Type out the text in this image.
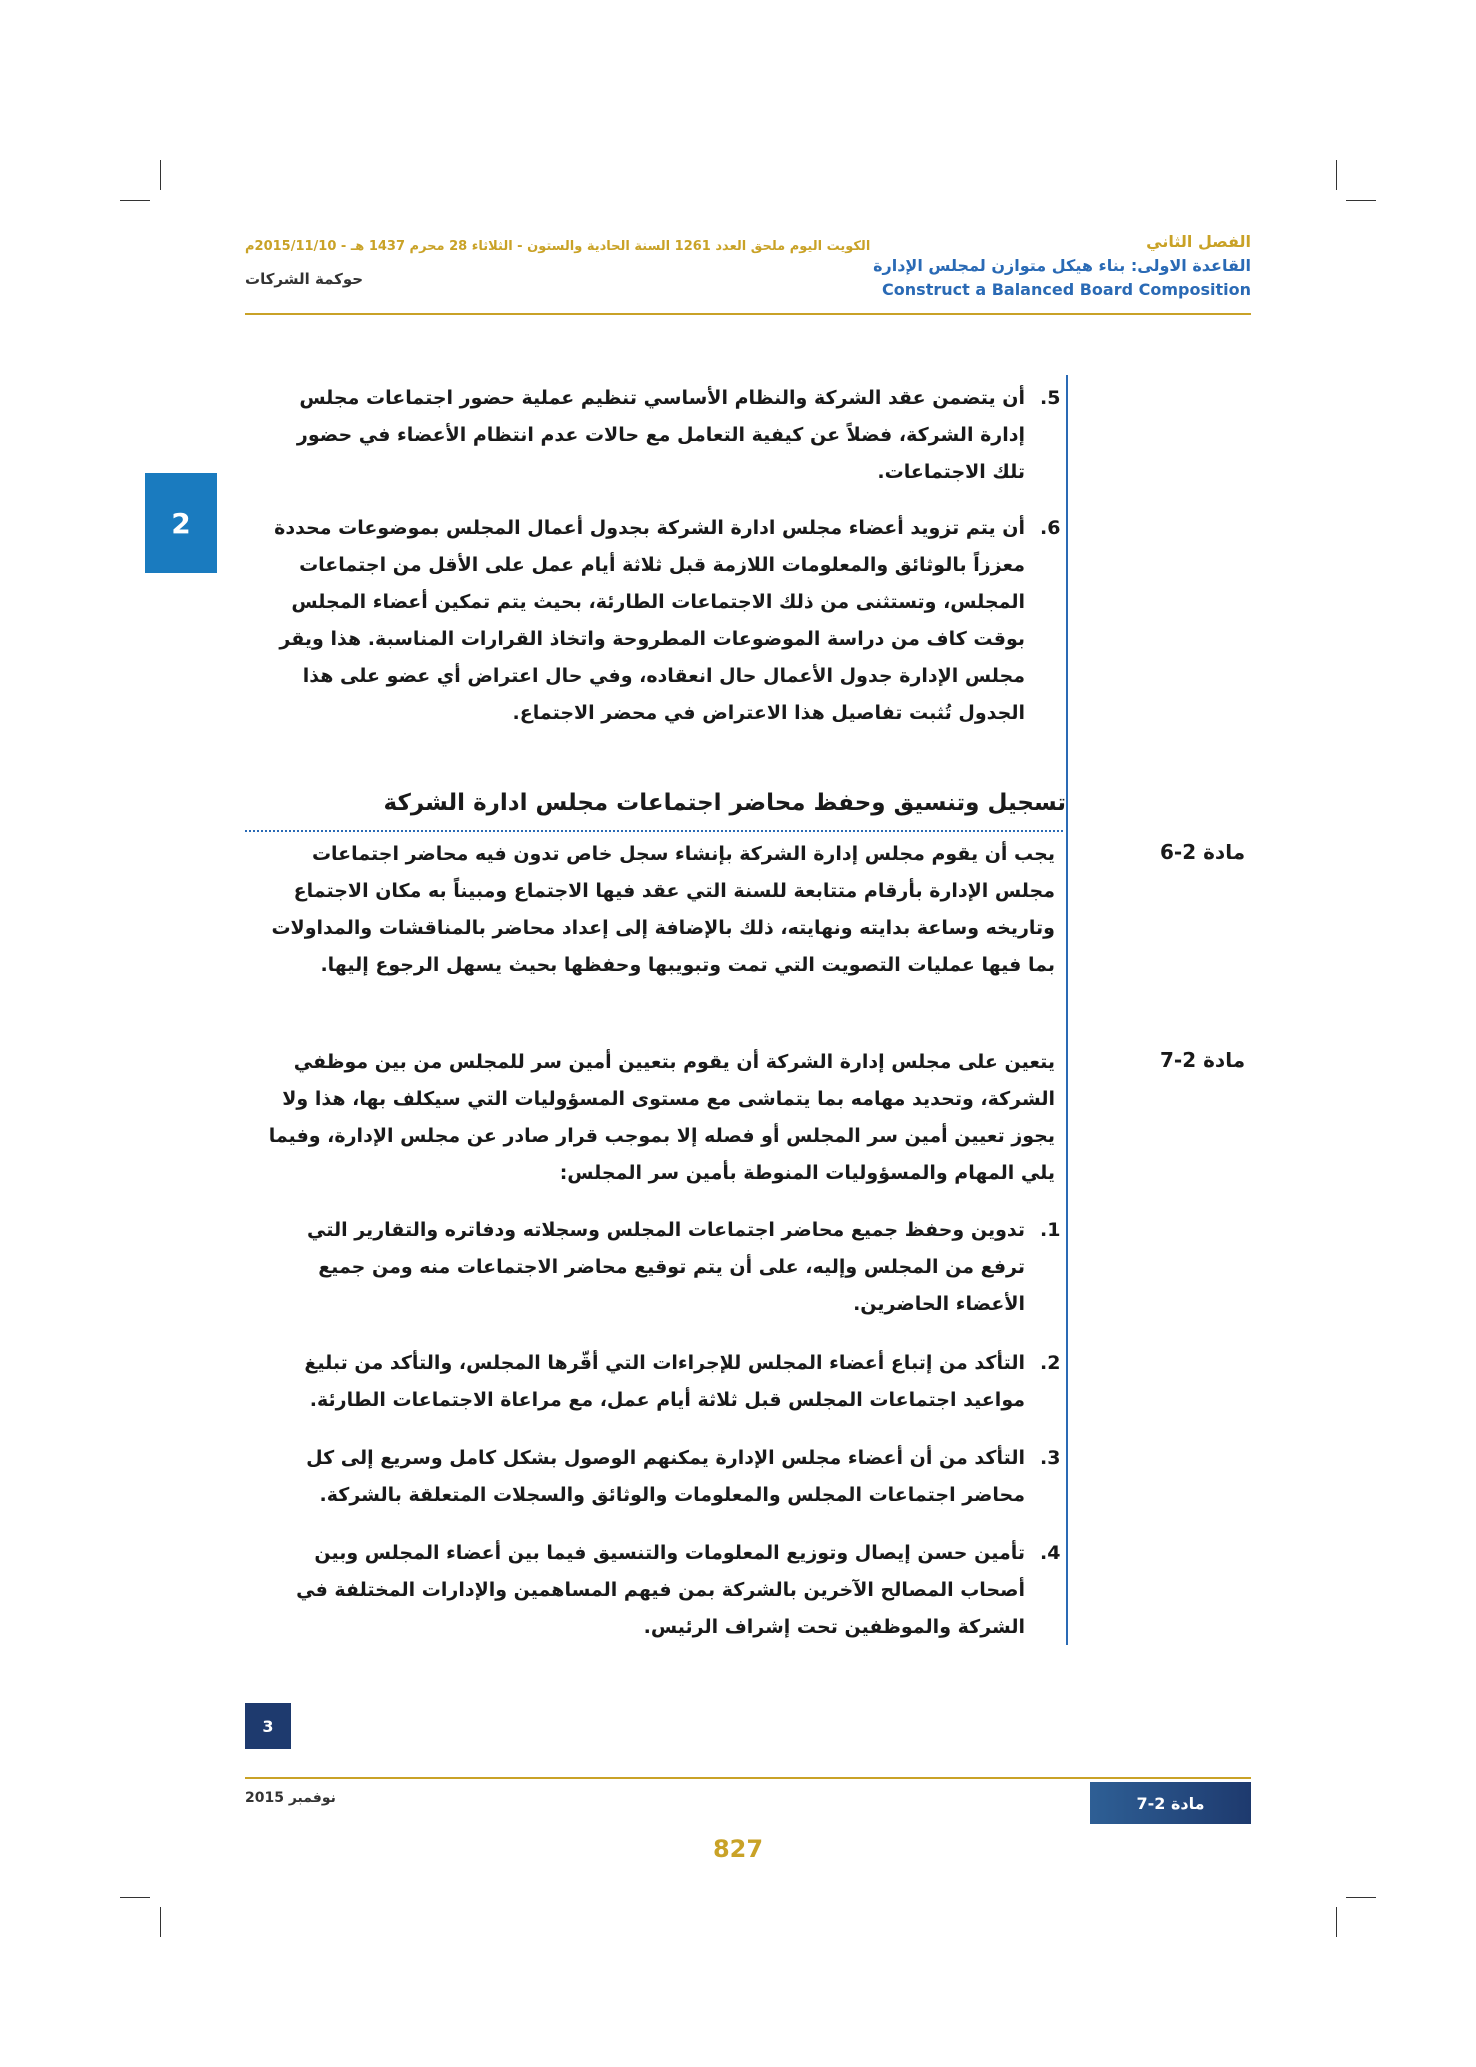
الفصل الثاني
القاعدة الاولى: بناء هيكل متوازن لمجلس الإدارة
Construct a Balanced Board Composition
الكويت اليوم ملحق العدد 1261 السنة الحادية والستون - الثلاثاء 28 محرم 1437 هـ - 2015/11/10م
حوكمة الشركات
2
.5
أن يتضمن عقد الشركة والنظام الأساسي تنظيم عملية حضور اجتماعات مجلس
إدارة الشركة، فضلاً عن كيفية التعامل مع حالات عدم انتظام الأعضاء في حضور
تلك الاجتماعات.
.6
أن يتم تزويد أعضاء مجلس ادارة الشركة بجدول أعمال المجلس بموضوعات محددة
معززاً بالوثائق والمعلومات اللازمة قبل ثلاثة أيام عمل على الأقل من اجتماعات
المجلس، وتستثنى من ذلك الاجتماعات الطارئة، بحيث يتم تمكين أعضاء المجلس
بوقت كاف من دراسة الموضوعات المطروحة واتخاذ القرارات المناسبة. هذا ويقر
مجلس الإدارة جدول الأعمال حال انعقاده، وفي حال اعتراض أي عضو على هذا
الجدول تُثبت تفاصيل هذا الاعتراض في محضر الاجتماع.
تسجيل وتنسيق وحفظ محاضر اجتماعات مجلس ادارة الشركة
مادة 2-6
يجب أن يقوم مجلس إدارة الشركة بإنشاء سجل خاص تدون فيه محاضر اجتماعات
مجلس الإدارة بأرقام متتابعة للسنة التي عقد فيها الاجتماع ومبيناً به مكان الاجتماع
وتاريخه وساعة بدايته ونهايته، ذلك بالإضافة إلى إعداد محاضر بالمناقشات والمداولات
بما فيها عمليات التصويت التي تمت وتبويبها وحفظها بحيث يسهل الرجوع إليها.
مادة 2-7
يتعين على مجلس إدارة الشركة أن يقوم بتعيين أمين سر للمجلس من بين موظفي
الشركة، وتحديد مهامه بما يتماشى مع مستوى المسؤوليات التي سيكلف بها، هذا ولا
يجوز تعيين أمين سر المجلس أو فصله إلا بموجب قرار صادر عن مجلس الإدارة، وفيما
يلي المهام والمسؤوليات المنوطة بأمين سر المجلس:
.1
تدوين وحفظ جميع محاضر اجتماعات المجلس وسجلاته ودفاتره والتقارير التي
ترفع من المجلس وإليه، على أن يتم توقيع محاضر الاجتماعات منه ومن جميع
الأعضاء الحاضرين.
.2
التأكد من إتباع أعضاء المجلس للإجراءات التي أقّرها المجلس، والتأكد من تبليغ
مواعيد اجتماعات المجلس قبل ثلاثة أيام عمل، مع مراعاة الاجتماعات الطارئة.
.3
التأكد من أن أعضاء مجلس الإدارة يمكنهم الوصول بشكل كامل وسريع إلى كل
محاضر اجتماعات المجلس والمعلومات والوثائق والسجلات المتعلقة بالشركة.
.4
تأمين حسن إيصال وتوزيع المعلومات والتنسيق فيما بين أعضاء المجلس وبين
أصحاب المصالح الآخرين بالشركة بمن فيهم المساهمين والإدارات المختلفة في
الشركة والموظفين تحت إشراف الرئيس.
3
نوفمبر 2015	مادة 2-7
827
